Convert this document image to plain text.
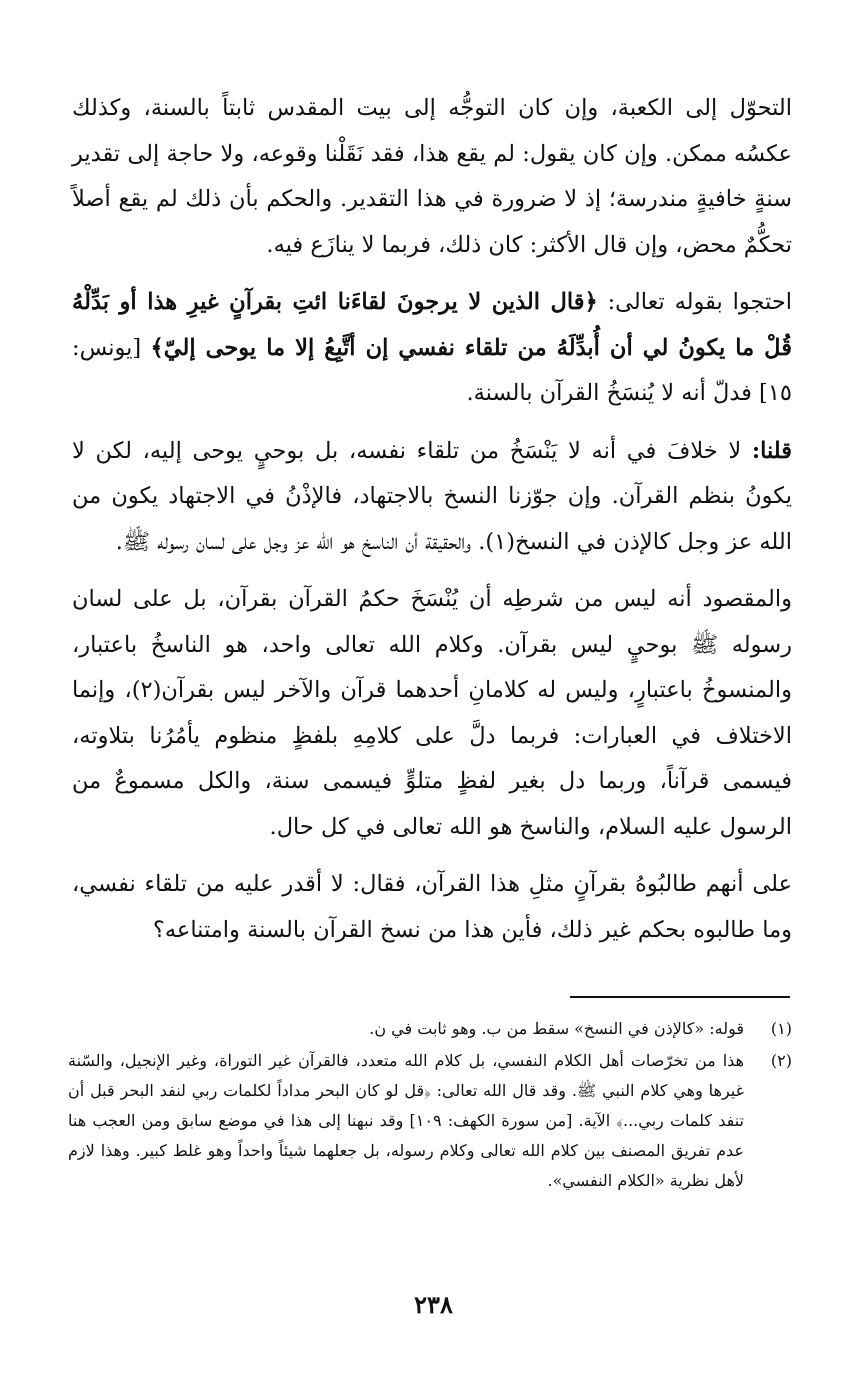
التحوّل إلى الكعبة، وإن كان التوجُّه إلى بيت المقدس ثابتاً بالسنة، وكذلك عكسُه ممكن. وإن كان يقول: لم يقع هذا، فقد نَقَلْنا وقوعه، ولا حاجة إلى تقدير سنةٍ خافيةٍ مندرسة؛ إذ لا ضرورة في هذا التقدير. والحكم بأن ذلك لم يقع أصلاً تحكُّمٌ محض، وإن قال الأكثر: كان ذلك، فربما لا ينازَع فيه.

احتجوا بقوله تعالى: ﴿قال الذين لا يرجونَ لقاءَنا ائتِ بقرآنٍ غيرِ هذا أو بَدِّلْهُ قُلْ ما يكونُ لي أن أُبدِّلَهُ من تلقاء نفسي إن أتَّبِعُ إلا ما يوحى إليّ﴾ [يونس: ١٥] فدلّ أنه لا يُنسَخُ القرآن بالسنة.

قلنا: لا خلافَ في أنه لا يَنْسَخُ من تلقاء نفسه، بل بوحيٍ يوحى إليه، لكن لا يكونُ بنظم القرآن. وإن جوّزنا النسخ بالاجتهاد، فالإذْنُ في الاجتهاد يكون من الله عز وجل كالإذن في النسخ(١). والحقيقة أن الناسخ هو الله عز وجل على لسان رسوله ﷺ.

والمقصود أنه ليس من شرطِه أن يُنْسَخَ حكمُ القرآن بقرآن، بل على لسان رسوله ﷺ بوحيٍ ليس بقرآن. وكلام الله تعالى واحد، هو الناسخُ باعتبار، والمنسوخُ باعتبارٍ، وليس له كلامانِ أحدهما قرآن والآخر ليس بقرآن(٢)، وإنما الاختلاف في العبارات: فربما دلَّ على كلامِهِ بلفظٍ منظوم يأمُرُنا بتلاوته، فيسمى قرآناً، وربما دل بغير لفظٍ متلوٍّ فيسمى سنة، والكل مسموعٌ من الرسول عليه السلام، والناسخ هو الله تعالى في كل حال.

على أنهم طالبُوهُ بقرآنٍ مثلِ هذا القرآن، فقال: لا أقدر عليه من تلقاء نفسي، وما طالبوه بحكم غير ذلك، فأين هذا من نسخ القرآن بالسنة وامتناعه؟

(١)
قوله: «كالإذن في النسخ» سقط من ب. وهو ثابت في ن.
(٢)
هذا من تخرّصات أهل الكلام النفسي، بل كلام الله متعدد، فالقرآن غير التوراة، وغير الإنجيل، والسّنة غيرها وهي كلام النبي ﷺ. وقد قال الله تعالى: ﴿قل لو كان البحر مداداً لكلمات ربي لنفد البحر قبل أن تنفد كلمات ربي...﴾ الآية. [من سورة الكهف: ١٠٩] وقد نبهنا إلى هذا في موضع سابق ومن العجب هنا عدم تفريق المصنف بين كلام الله تعالى وكلام رسوله، بل جعلهما شيئاً واحداً وهو غلط كبير. وهذا لازم لأهل نظرية «الكلام النفسي».
٢٣٨
